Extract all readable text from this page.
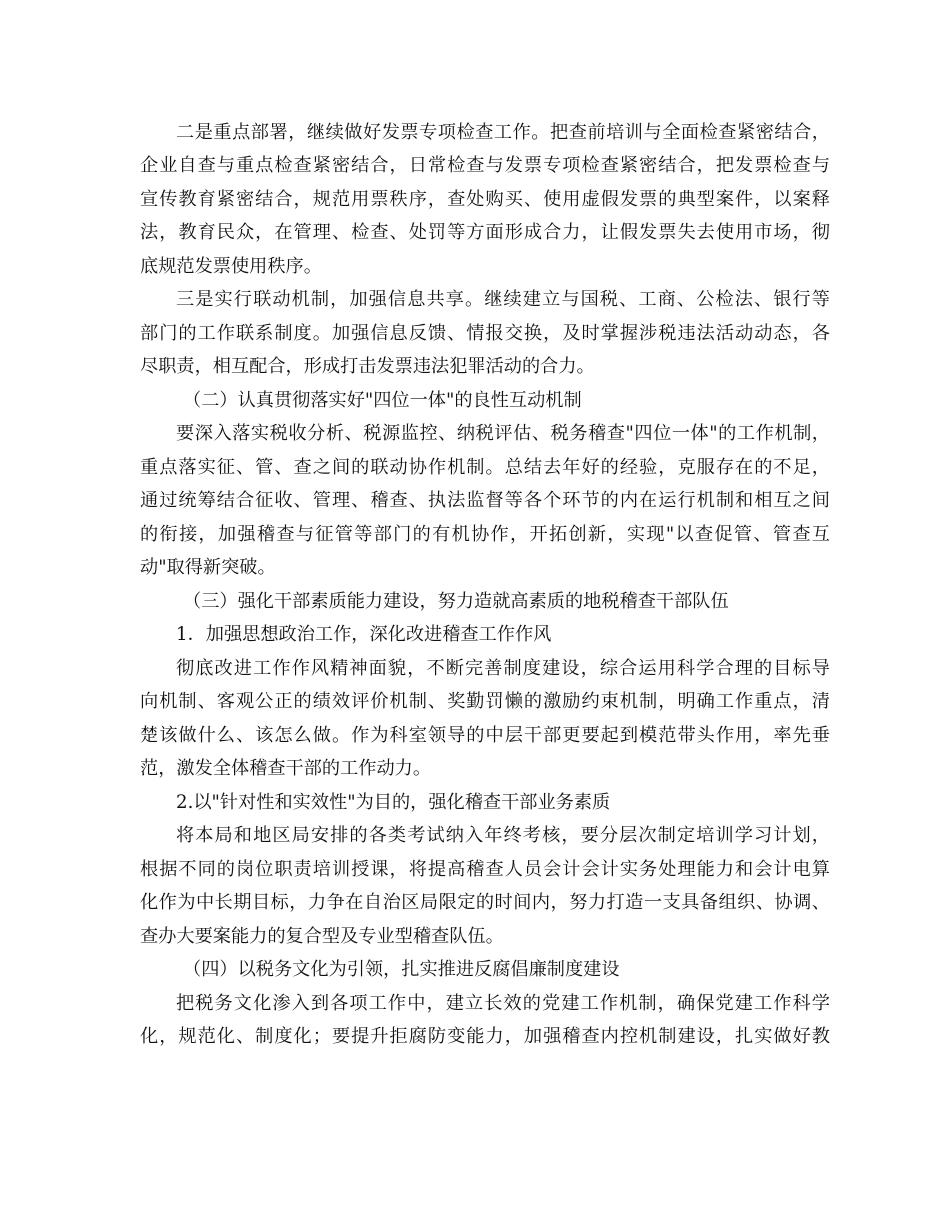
二是重点部署，继续做好发票专项检查工作。把查前培训与全面检查紧密结合，
企业自查与重点检查紧密结合，日常检查与发票专项检查紧密结合，把发票检查与
宣传教育紧密结合，规范用票秩序，查处购买、使用虚假发票的典型案件，以案释
法，教育民众，在管理、检查、处罚等方面形成合力，让假发票失去使用市场，彻
底规范发票使用秩序。
三是实行联动机制，加强信息共享。继续建立与国税、工商、公检法、银行等
部门的工作联系制度。加强信息反馈、情报交换，及时掌握涉税违法活动动态，各
尽职责，相互配合，形成打击发票违法犯罪活动的合力。
（二）认真贯彻落实好"四位一体"的良性互动机制
要深入落实税收分析、税源监控、纳税评估、税务稽查"四位一体"的工作机制，
重点落实征、管、查之间的联动协作机制。总结去年好的经验，克服存在的不足，
通过统筹结合征收、管理、稽查、执法监督等各个环节的内在运行机制和相互之间
的衔接，加强稽查与征管等部门的有机协作，开拓创新，实现"以查促管、管查互
动"取得新突破。
（三）强化干部素质能力建设，努力造就高素质的地税稽查干部队伍
1．加强思想政治工作，深化改进稽查工作作风
彻底改进工作作风精神面貌，不断完善制度建设，综合运用科学合理的目标导
向机制、客观公正的绩效评价机制、奖勤罚懒的激励约束机制，明确工作重点，清
楚该做什么、该怎么做。作为科室领导的中层干部更要起到模范带头作用，率先垂
范，激发全体稽查干部的工作动力。
2.以"针对性和实效性"为目的，强化稽查干部业务素质
将本局和地区局安排的各类考试纳入年终考核，要分层次制定培训学习计划，
根据不同的岗位职责培训授课，将提高稽查人员会计会计实务处理能力和会计电算
化作为中长期目标，力争在自治区局限定的时间内，努力打造一支具备组织、协调、
查办大要案能力的复合型及专业型稽查队伍。
（四）以税务文化为引领，扎实推进反腐倡廉制度建设
把税务文化渗入到各项工作中，建立长效的党建工作机制，确保党建工作科学
化，规范化、制度化；要提升拒腐防变能力，加强稽查内控机制建设，扎实做好教
